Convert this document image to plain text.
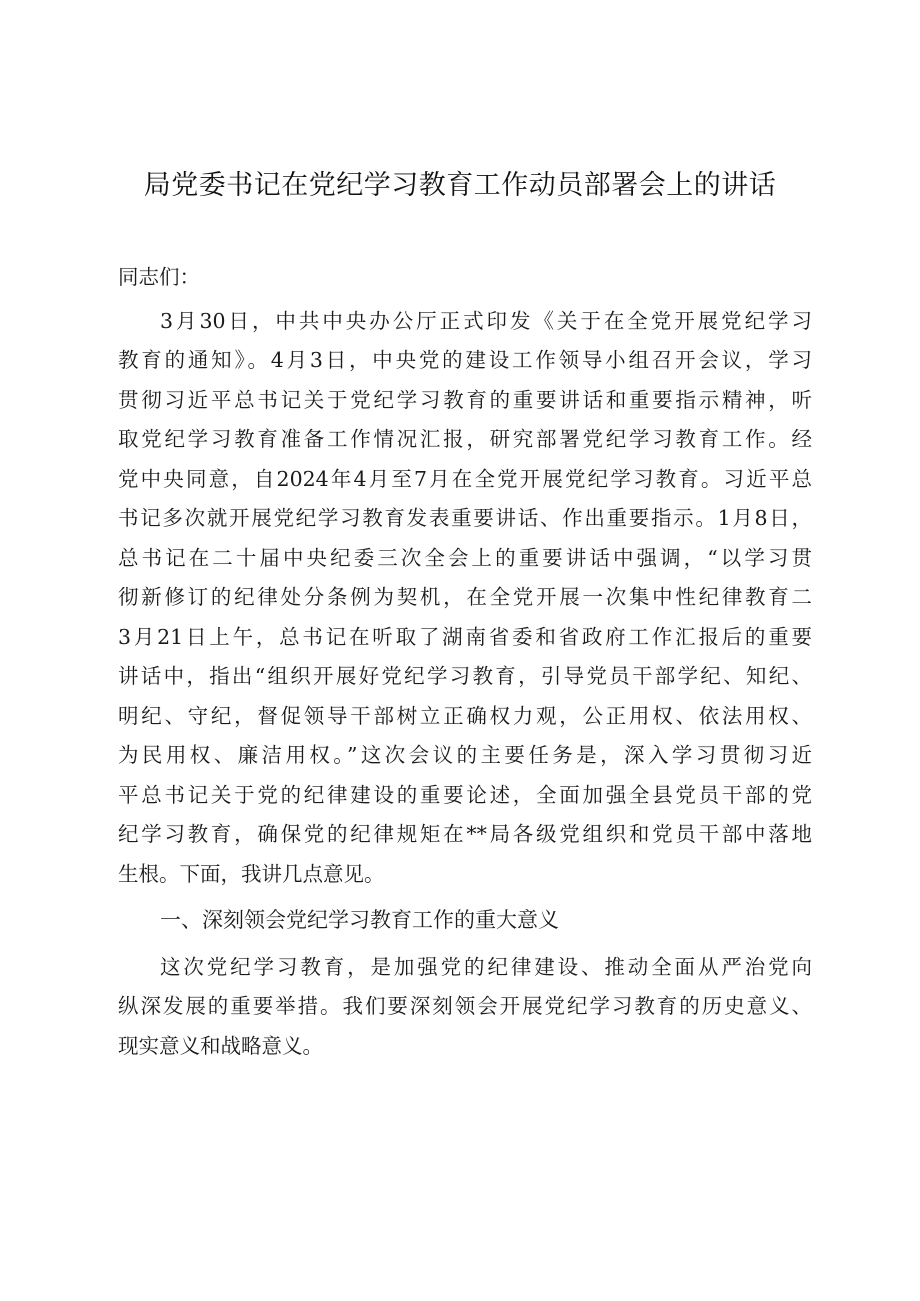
局党委书记在党纪学习教育工作动员部署会上的讲话
同志们：
3月30日，中共中央办公厅正式印发《关于在全党开展党纪学习
教育的通知》。4月3日，中央党的建设工作领导小组召开会议，学习
贯彻习近平总书记关于党纪学习教育的重要讲话和重要指示精神，听
取党纪学习教育准备工作情况汇报，研究部署党纪学习教育工作。经
党中央同意，自2024年4月至7月在全党开展党纪学习教育。习近平总
书记多次就开展党纪学习教育发表重要讲话、作出重要指示。1月8日，
总书记在二十届中央纪委三次全会上的重要讲话中强调，“以学习贯
彻新修订的纪律处分条例为契机，在全党开展一次集中性纪律教育二
3月21日上午，总书记在听取了湖南省委和省政府工作汇报后的重要
讲话中，指出“组织开展好党纪学习教育，引导党员干部学纪、知纪、
明纪、守纪，督促领导干部树立正确权力观，公正用权、依法用权、
为民用权、廉洁用权。”这次会议的主要任务是，深入学习贯彻习近
平总书记关于党的纪律建设的重要论述，全面加强全县党员干部的党
纪学习教育，确保党的纪律规矩在**局各级党组织和党员干部中落地
生根。下面，我讲几点意见。
一、深刻领会党纪学习教育工作的重大意义
这次党纪学习教育，是加强党的纪律建设、推动全面从严治党向
纵深发展的重要举措。我们要深刻领会开展党纪学习教育的历史意义、
现实意义和战略意义。
